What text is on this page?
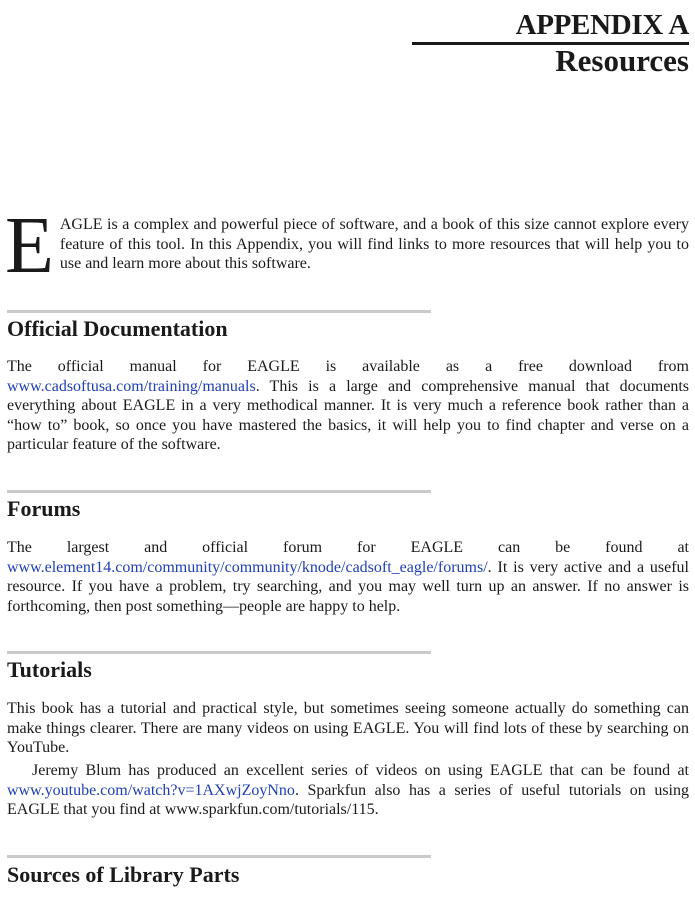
APPENDIX A
Resources

EAGLE is a complex and powerful piece of software, and a book of this size cannot explore every feature of this tool. In this Appendix, you will find links to more resources that will help you to use and learn more about this software.

Official Documentation

The official manual for EAGLE is available as a free download from www.cadsoftusa.com/training/manuals. This is a large and comprehensive manual that documents everything about EAGLE in a very methodical manner. It is very much a reference book rather than a “how to” book, so once you have mastered the basics, it will help you to find chapter and verse on a particular feature of the software.

Forums

The largest and official forum for EAGLE can be found at www.element14.com/community/community/knode/cadsoft_eagle/forums/. It is very active and a useful resource. If you have a problem, try searching, and you may well turn up an answer. If no answer is forthcoming, then post something—people are happy to help.

Tutorials

This book has a tutorial and practical style, but sometimes seeing someone actually do something can make things clearer. There are many videos on using EAGLE. You will find lots of these by searching on YouTube.

Jeremy Blum has produced an excellent series of videos on using EAGLE that can be found at www.youtube.com/watch?v=1AXwjZoyNno. Sparkfun also has a series of useful tutorials on using EAGLE that you find at www.sparkfun.com/tutorials/115.

Sources of Library Parts
